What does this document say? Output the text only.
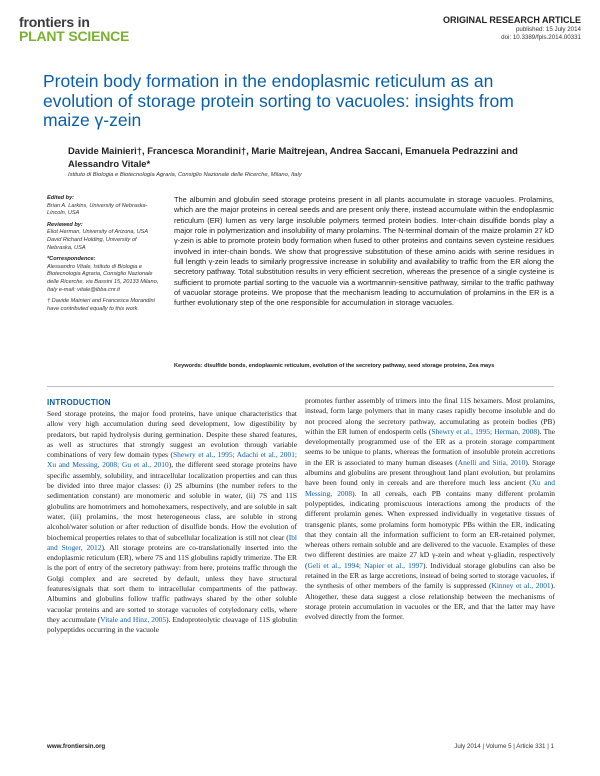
frontiers in
PLANT SCIENCE
ORIGINAL RESEARCH ARTICLE
published: 15 July 2014
doi: 10.3389/fpls.2014.00331
Protein body formation in the endoplasmic reticulum as an evolution of storage protein sorting to vacuoles: insights from maize γ-zein
Davide Mainieri†, Francesca Morandini†, Marie Maîtrejean, Andrea Saccani, Emanuela Pedrazzini and Alessandro Vitale*
Istituto di Biologia e Biotecnologia Agraria, Consiglio Nazionale delle Ricerche, Milano, Italy
Edited by:
Brian A. Larkins, University of Nebraska-Lincoln, USA
Reviewed by:
Eliot Herman, University of Arizona, USA
David Richard Holding, University of Nebraska, USA
*Correspondence:
Alessandro Vitale, Istituto di Biologia e Biotecnologia Agraria, Consiglio Nazionale delle Ricerche, via Bassini 15, 20133 Milano, Italy e-mail: vitale@ibba.cnr.it
† Davide Mainieri and Francesca Morandini have contributed equally to this work.
The albumin and globulin seed storage proteins present in all plants accumulate in storage vacuoles. Prolamins, which are the major proteins in cereal seeds and are present only there, instead accumulate within the endoplasmic reticulum (ER) lumen as very large insoluble polymers termed protein bodies. Inter-chain disulfide bonds play a major role in polymerization and insolubility of many prolamins. The N-terminal domain of the maize prolamin 27 kD γ-zein is able to promote protein body formation when fused to other proteins and contains seven cysteine residues involved in inter-chain bonds. We show that progressive substitution of these amino acids with serine residues in full length γ-zein leads to similarly progressive increase in solubility and availability to traffic from the ER along the secretory pathway. Total substitution results in very efficient secretion, whereas the presence of a single cysteine is sufficient to promote partial sorting to the vacuole via a wortmannin-sensitive pathway, similar to the traffic pathway of vacuolar storage proteins. We propose that the mechanism leading to accumulation of prolamins in the ER is a further evolutionary step of the one responsible for accumulation in storage vacuoles.
Keywords: disulfide bonds, endoplasmic reticulum, evolution of the secretory pathway, seed storage proteins, Zea mays
INTRODUCTION
Seed storage proteins, the major food proteins, have unique characteristics that allow very high accumulation during seed development, low digestibility by predators, but rapid hydrolysis during germination. Despite these shared features, as well as structures that strongly suggest an evolution through variable combinations of very few domain types (Shewry et al., 1995; Adachi et al., 2001; Xu and Messing, 2008; Gu et al., 2010), the different seed storage proteins have specific assembly, solubility, and intracellular localization properties and can thus be divided into three major classes: (i) 2S albumins (the number refers to the sedimentation constant) are monomeric and soluble in water, (ii) 7S and 11S globulins are homotrimers and homohexamers, respectively, and are soluble in salt water, (iii) prolamins, the most heterogeneous class, are soluble in strong alcohol/water solution or after reduction of disulfide bonds. How the evolution of biochemical properties relates to that of subcellular localization is still not clear (Ibl and Stoger, 2012). All storage proteins are co-translationally inserted into the endoplasmic reticulum (ER), where 7S and 11S globulins rapidly trimerize. The ER is the port of entry of the secretory pathway: from here, proteins traffic through the Golgi complex and are secreted by default, unless they have structural features/signals that sort them to intracellular compartments of the pathway. Albumins and globulins follow traffic pathways shared by the other soluble vacuolar proteins and are sorted to storage vacuoles of cotyledonary cells, where they accumulate (Vitale and Hinz, 2005). Endoproteolytic cleavage of 11S globulin polypeptides occurring in the vacuole
promotes further assembly of trimers into the final 11S hexamers. Most prolamins, instead, form large polymers that in many cases rapidly become insoluble and do not proceed along the secretory pathway, accumulating as protein bodies (PB) within the ER lumen of endosperm cells (Shewry et al., 1995; Herman, 2008). The developmentally programmed use of the ER as a protein storage compartment seems to be unique to plants, whereas the formation of insoluble protein accretions in the ER is associated to many human diseases (Anelli and Sitia, 2010). Storage albumins and globulins are present throughout land plant evolution, but prolamins have been found only in cereals and are therefore much less ancient (Xu and Messing, 2008). In all cereals, each PB contains many different prolamin polypeptides, indicating promiscuous interactions among the products of the different prolamin genes. When expressed individually in vegetative tissues of transgenic plants, some prolamins form homotypic PBs within the ER, indicating that they contain all the information sufficient to form an ER-retained polymer, whereas others remain soluble and are delivered to the vacuole. Examples of these two different destinies are maize 27 kD γ-zein and wheat γ-gliadin, respectively (Geli et al., 1994; Napier et al., 1997). Individual storage globulins can also be retained in the ER as large accretions, instead of being sorted to storage vacuoles, if the synthesis of other members of the family is suppressed (Kinney et al., 2001). Altogether, these data suggest a close relationship between the mechanisms of storage protein accumulation in vacuoles or the ER, and that the latter may have evolved directly from the former.
www.frontiersin.org	July 2014 | Volume 5 | Article 331 | 1
